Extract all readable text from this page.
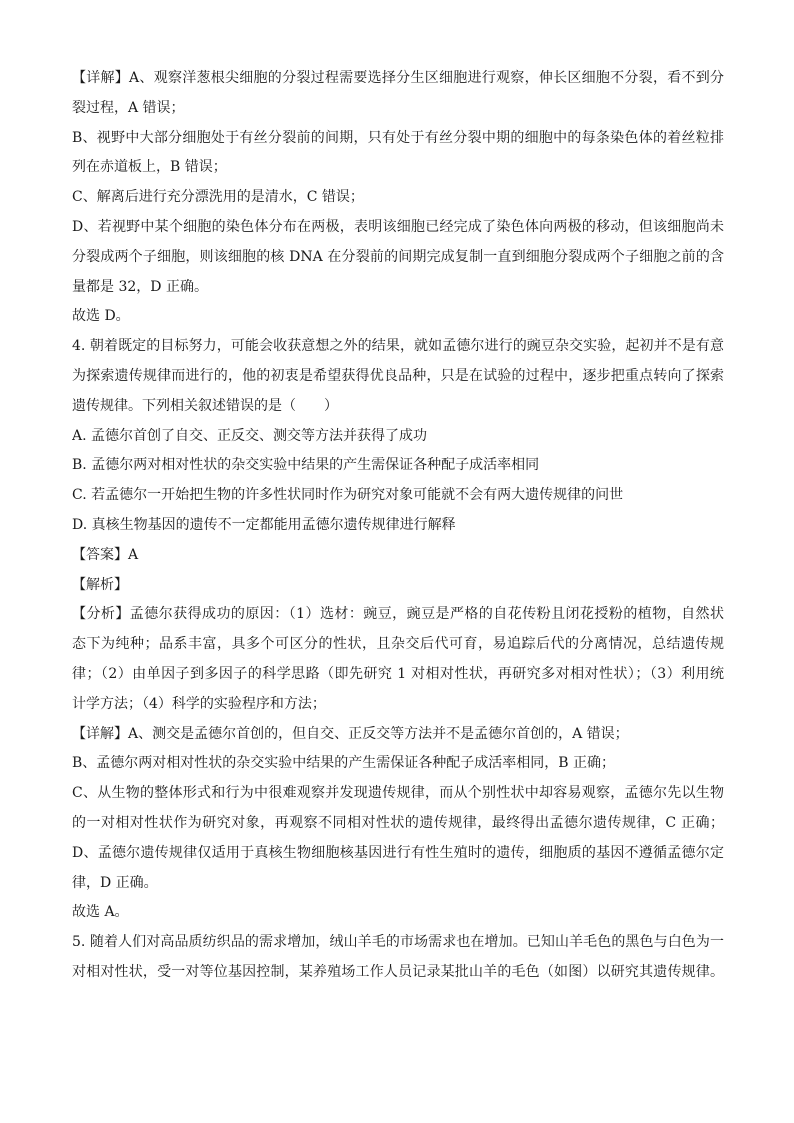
【详解】A、观察洋葱根尖细胞的分裂过程需要选择分生区细胞进行观察，伸长区细胞不分裂，看不到分
裂过程，A 错误；
B、视野中大部分细胞处于有丝分裂前的间期，只有处于有丝分裂中期的细胞中的每条染色体的着丝粒排
列在赤道板上，B 错误；
C、解离后进行充分漂洗用的是清水，C 错误；
D、若视野中某个细胞的染色体分布在两极，表明该细胞已经完成了染色体向两极的移动，但该细胞尚未
分裂成两个子细胞，则该细胞的核 DNA 在分裂前的间期完成复制一直到细胞分裂成两个子细胞之前的含
量都是 32，D 正确。
故选 D。
4. 朝着既定的目标努力，可能会收获意想之外的结果，就如孟德尔进行的豌豆杂交实验，起初并不是有意
为探索遗传规律而进行的，他的初衷是希望获得优良品种，只是在试验的过程中，逐步把重点转向了探索
遗传规律。下列相关叙述错误的是（　　）
A. 孟德尔首创了自交、正反交、测交等方法并获得了成功
B. 孟德尔两对相对性状的杂交实验中结果的产生需保证各种配子成活率相同
C. 若孟德尔一开始把生物的许多性状同时作为研究对象可能就不会有两大遗传规律的问世
D. 真核生物基因的遗传不一定都能用孟德尔遗传规律进行解释
【答案】A
【解析】
【分析】孟德尔获得成功的原因：（1）选材：豌豆，豌豆是严格的自花传粉且闭花授粉的植物，自然状
态下为纯种；品系丰富，具多个可区分的性状，且杂交后代可育，易追踪后代的分离情况，总结遗传规
律；（2）由单因子到多因子的科学思路（即先研究 1 对相对性状，再研究多对相对性状）；（3）利用统
计学方法；（4）科学的实验程序和方法；
【详解】A、测交是孟德尔首创的，但自交、正反交等方法并不是孟德尔首创的，A 错误；
B、孟德尔两对相对性状的杂交实验中结果的产生需保证各种配子成活率相同，B 正确；
C、从生物的整体形式和行为中很难观察并发现遗传规律，而从个别性状中却容易观察，孟德尔先以生物
的一对相对性状作为研究对象，再观察不同相对性状的遗传规律，最终得出孟德尔遗传规律，C 正确；
D、孟德尔遗传规律仅适用于真核生物细胞核基因进行有性生殖时的遗传，细胞质的基因不遵循孟德尔定
律，D 正确。
故选 A。
5. 随着人们对高品质纺织品的需求增加，绒山羊毛的市场需求也在增加。已知山羊毛色的黑色与白色为一
对相对性状，受一对等位基因控制，某养殖场工作人员记录某批山羊的毛色（如图）以研究其遗传规律。
